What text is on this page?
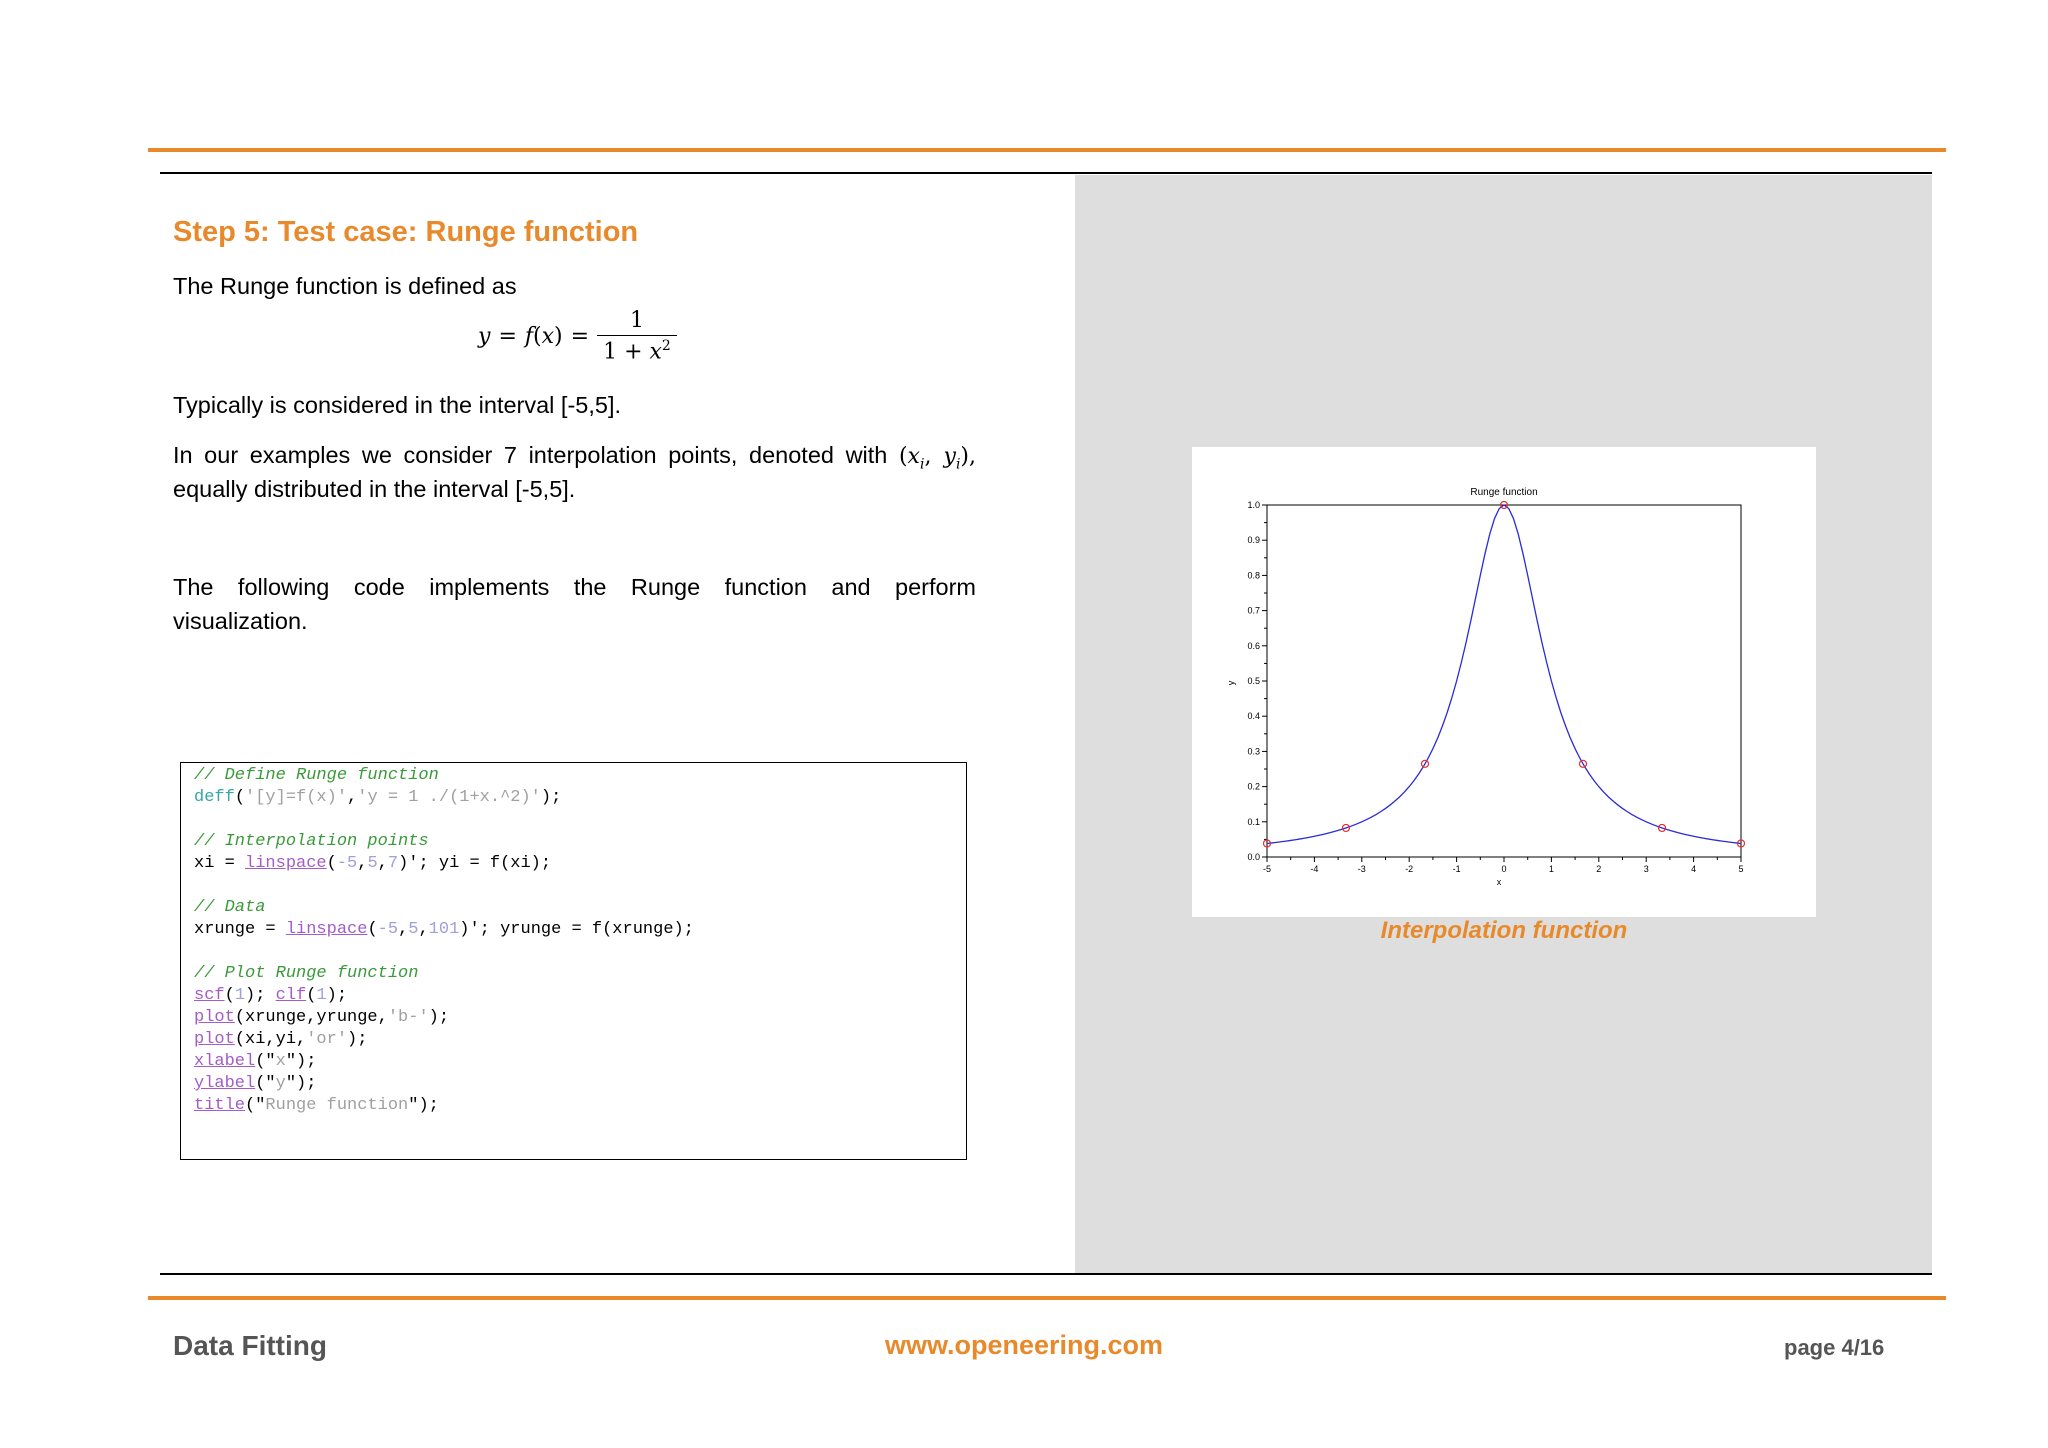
Step 5: Test case: Runge function
The Runge function is defined as
y = f ( x ) = $\frac{1}{1 + x^2}$
Typically is considered in the interval [-5,5].
In our examples we consider 7 interpolation points, denoted with ($x_i$, $y_i$),
equally distributed in the interval [-5,5].
The following code implements the Runge function and perform
visualization.
// Define Runge function
deff('[y]=f(x)','y = 1 ./(1+x.^2)');
// Interpolation points
xi = linspace(-5,5,7)'; yi = f(xi);
// Data
xrunge = linspace(-5,5,101)'; yrunge = f(xrunge);
// Plot Runge function
scf(1); clf(1);
plot(xrunge,yrunge,'b-');
plot(xi,yi,'or');
xlabel("x");
ylabel("y");
title("Runge function");
Runge function
x
y
-5	-4	-3	-2	-1	0	1	2	3	4	5
0.0
0.1
0.2
0.3
0.4
0.5
0.6
0.7
0.8
0.9
1.0
Interpolation function
Data Fitting	www.openeering.com	page 4/16
